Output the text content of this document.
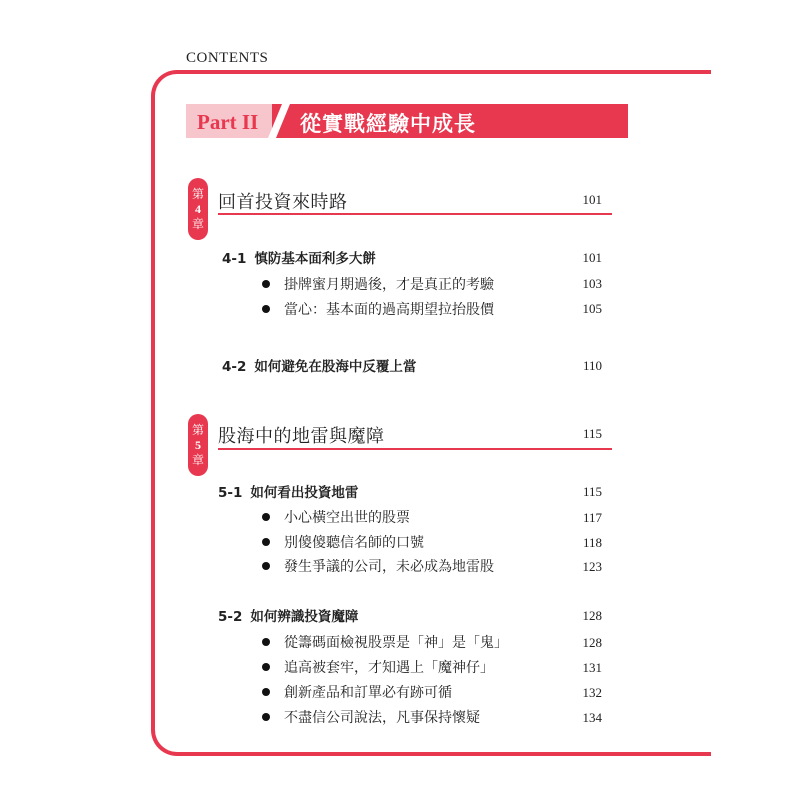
CONTENTS
Part II 從實戰經驗中成長
第
4
章
回首投資來時路	101
4-1 慎防基本面利多大餅	101
掛牌蜜月期過後，才是真正的考驗	103
當心：基本面的過高期望拉抬股價	105
4-2 如何避免在股海中反覆上當	110
第
5
章
股海中的地雷與魔障	115
5-1 如何看出投資地雷	115
小心橫空出世的股票	117
別傻傻聽信名師的口號	118
發生爭議的公司，未必成為地雷股	123
5-2 如何辨識投資魔障	128
從籌碼面檢視股票是「神」是「鬼」	128
追高被套牢，才知遇上「魔神仔」	131
創新產品和訂單必有跡可循	132
不盡信公司說法，凡事保持懷疑	134
